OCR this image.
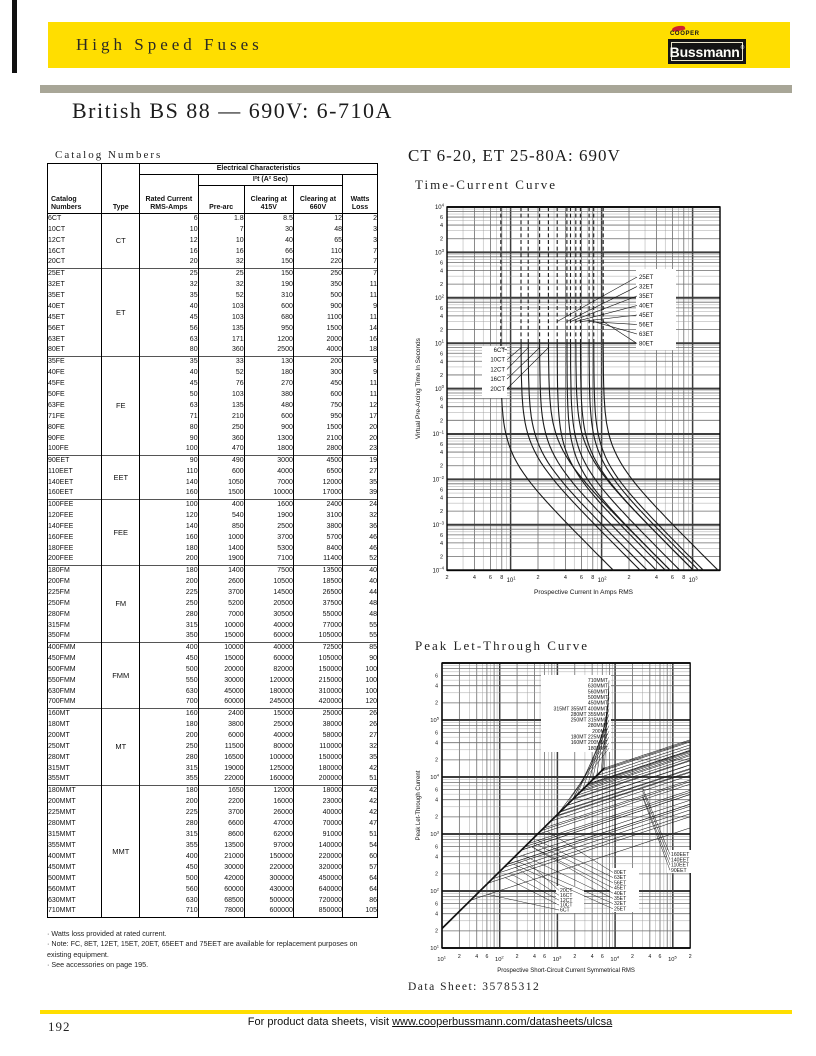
High Speed Fuses
COOPER
Bussmann®
British BS 88 — 690V: 6-710A
Catalog Numbers
Catalog Numbers	Type	Electrical Characteristics				
		Rated Current RMS-Amps	I²t (A² Sec)			Watts Loss
			Pre-arc	Clearing at 415V	Clearing at 660V	
6CT	CT	6	1.8	8.5	12	2
10CT		10	7	30	48	3
12CT		12	10	40	65	3
16CT		16	16	66	110	7
20CT		20	32	150	220	7
25ET	ET	25	25	150	250	7
32ET		32	32	190	350	11
35ET		35	52	310	500	11
40ET		40	103	600	900	9
45ET		45	103	680	1100	11
56ET		56	135	950	1500	14
63ET		63	171	1200	2000	16
80ET		80	360	2500	4000	18
35FE	FE	35	33	130	200	9
40FE		40	52	180	300	9
45FE		45	76	270	450	11
50FE		50	103	380	600	11
63FE		63	135	480	750	12
71FE		71	210	600	950	17
80FE		80	250	900	1500	20
90FE		90	360	1300	2100	20
100FE		100	470	1800	2800	23
90EET	EET	90	490	3000	4500	19
110EET		110	600	4000	6500	27
140EET		140	1050	7000	12000	35
160EET		160	1500	10000	17000	39
100FEE	FEE	100	400	1600	2400	24
120FEE		120	540	1900	3100	32
140FEE		140	850	2500	3800	36
160FEE		160	1000	3700	5700	46
180FEE		180	1400	5300	8400	46
200FEE		200	1900	7100	11400	52
180FM	FM	180	1400	7500	13500	40
200FM		200	2600	10500	18500	40
225FM		225	3700	14500	26500	44
250FM		250	5200	20500	37500	48
280FM		280	7000	30500	55000	48
315FM		315	10000	40000	77000	55
350FM		350	15000	60000	105000	55
400FMM	FMM	400	10000	40000	72500	85
450FMM		450	15000	60000	105000	90
500FMM		500	20000	82000	150000	100
550FMM		550	30000	120000	215000	100
630FMM		630	45000	180000	310000	100
700FMM		700	60000	245000	420000	120
160MT	MT	160	2400	15000	25000	26
180MT		180	3800	25000	38000	26
200MT		200	6000	40000	58000	27
250MT		250	11500	80000	110000	32
280MT		280	16500	100000	150000	35
315MT		315	19000	125000	180000	42
355MT		355	22000	160000	200000	51
180MMT	MMT	180	1650	12000	18000	42
200MMT		200	2200	16000	23000	42
225MMT		225	3700	26000	40000	42
280MMT		280	6600	47000	70000	47
315MMT		315	8600	62000	91000	51
355MMT		355	13500	97000	140000	54
400MMT		400	21000	150000	220000	60
450MMT		450	30000	220000	320000	57
500MMT		500	42000	300000	450000	64
560MMT		560	60000	430000	640000	64
630MMT		630	68500	500000	720000	86
710MMT		710	78000	600000	850000	105
· Watts loss provided at rated current.
· Note: FC, 8ET, 12ET, 15ET, 20ET, 65EET and 75EET are available for replacement purposes on existing equipment.
· See accessories on page 195.
CT 6-20, ET 25-80A: 690V
Time-Current Curve
$10^4$
6
4
2
$10^3$
6
4
2
$10^2$
6
4
2
$10^1$
6
4
2
$10^0$
6
4
2
$10^{-1}$
6
4
2
$10^{-2}$
6
4
2
$10^{-3}$
6
4
2
$10^{-4}$
2	4 6 8 $10^1$	2	4 6 8 $10^2$	2	4 6 8 $10^3$
Prospective Current In Amps RMS
Virtual Pre-Arcing Time In Seconds	6CT
10CT
12CT
16CT
20CT
25ET
32ET
35ET
40ET
45ET
56ET
63ET
80ET
Peak Let-Through Curve
$10^1$
6
4
2
$10^2$
6
4
2
$10^3$
6
4
2
$10^4$
6
4
2
$10^5$
6
4
2
$10^1$ 2	4 6 $10^2$ 2	4 6 $10^3$ 2	4 6 $10^4$ 2	4 6 $10^5$ 2
Prospective Short-Circuit Current Symmetrical RMS
Peak Let-Through Current
710MMT
630MMT
560MMT
500MMT
450MMT
315MT 355MT 400MMT
280MT 355MMT
250MT 315MMT
280MMT
200MT
180MT 225MMT
160MT 200MMT
180MMT
20CT
16CT
12CT
10CT
6CT
80ET
63ET
56ET
45ET
40ET
35ET
32ET
25ET
160EET
140EET
110EET
90EET
Data Sheet: 35785312
192	For product data sheets, visit www.cooperbussmann.com/datasheets/ulcsa
